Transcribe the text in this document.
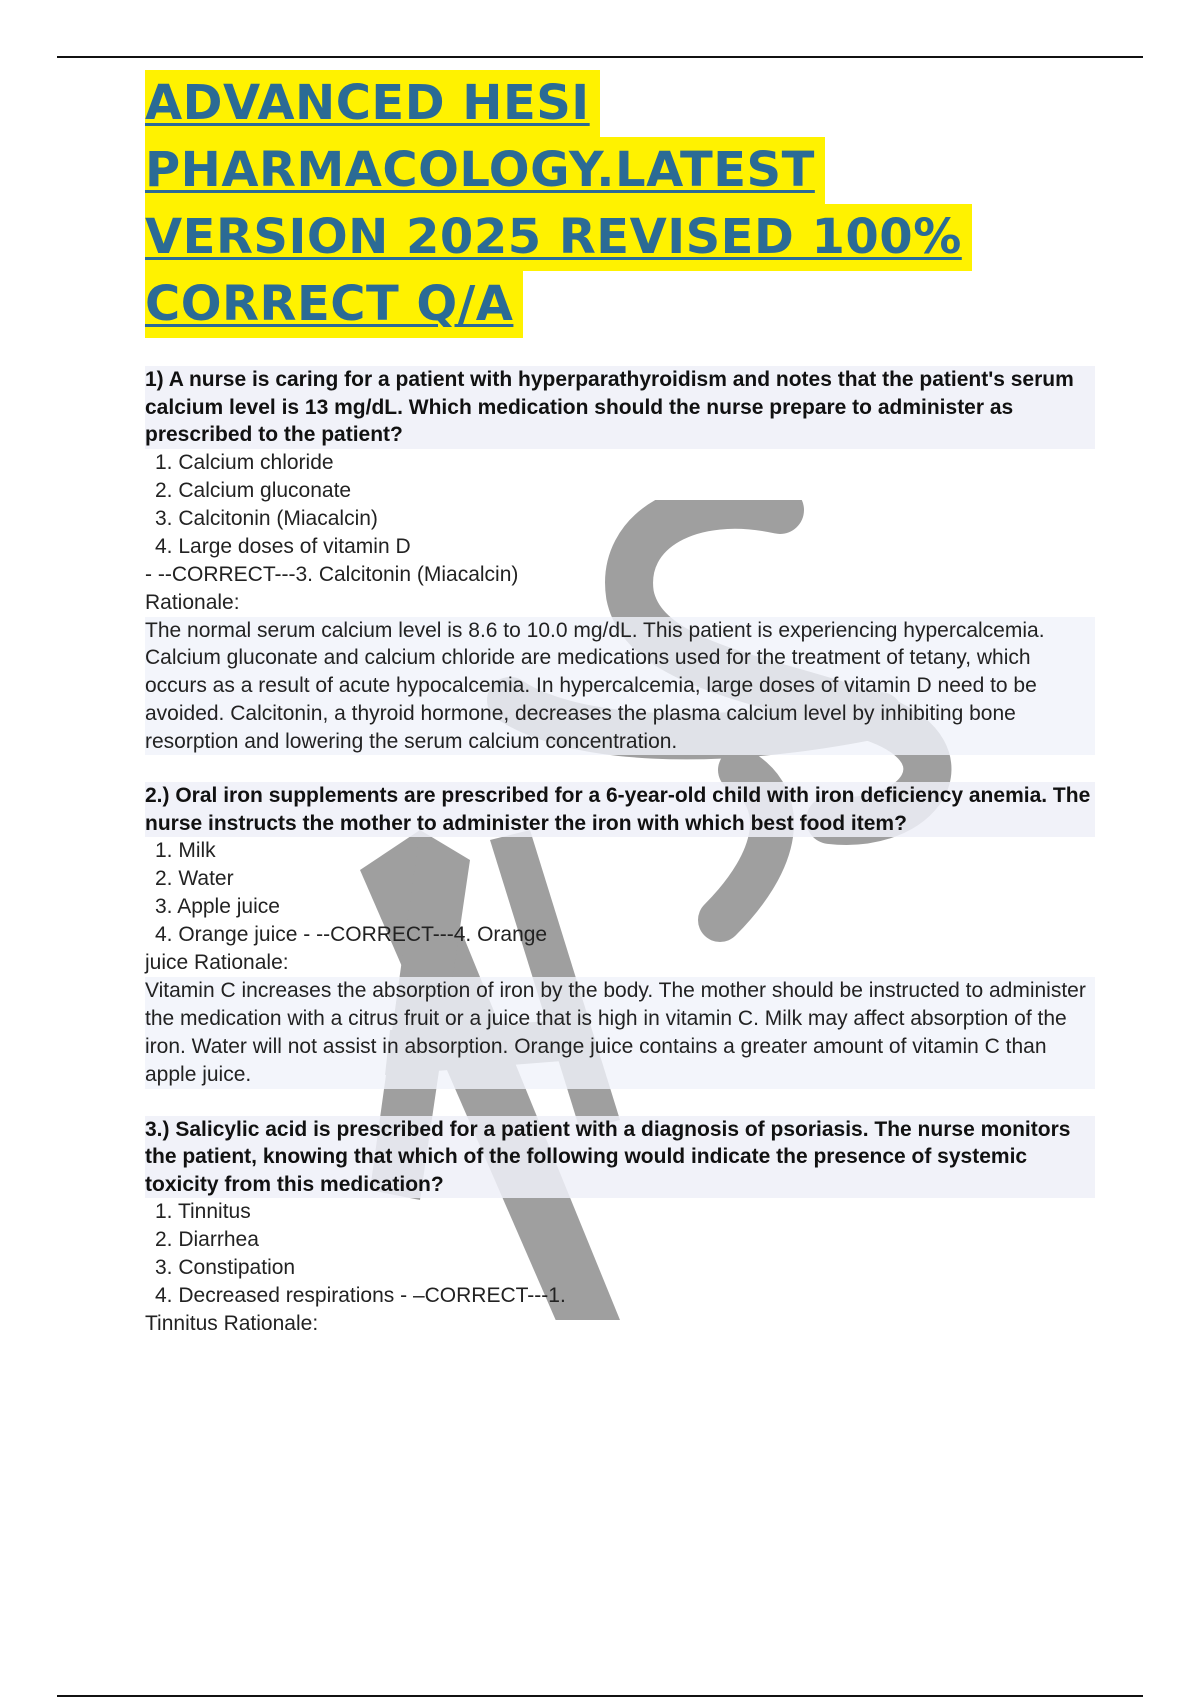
ADVANCED HESI
PHARMACOLOGY.LATEST
VERSION 2025 REVISED 100%
CORRECT Q/A
1) A nurse is caring for a patient with hyperparathyroidism and notes that the patient's serum calcium level is 13 mg/dL. Which medication should the nurse prepare to administer as prescribed to the patient?
1. Calcium chloride
2. Calcium gluconate
3. Calcitonin (Miacalcin)
4. Large doses of vitamin D
- --CORRECT---3. Calcitonin (Miacalcin)
Rationale:
The normal serum calcium level is 8.6 to 10.0 mg/dL. This patient is experiencing hypercalcemia. Calcium gluconate and calcium chloride are medications used for the treatment of tetany, which occurs as a result of acute hypocalcemia. In hypercalcemia, large doses of vitamin D need to be avoided. Calcitonin, a thyroid hormone, decreases the plasma calcium level by inhibiting bone resorption and lowering the serum calcium concentration.
2.) Oral iron supplements are prescribed for a 6-year-old child with iron deficiency anemia. The nurse instructs the mother to administer the iron with which best food item?
1. Milk
2. Water
3. Apple juice
4. Orange juice - --CORRECT---4. Orange
juice Rationale:
Vitamin C increases the absorption of iron by the body. The mother should be instructed to administer the medication with a citrus fruit or a juice that is high in vitamin C. Milk may affect absorption of the iron. Water will not assist in absorption. Orange juice contains a greater amount of vitamin C than apple juice.
3.) Salicylic acid is prescribed for a patient with a diagnosis of psoriasis. The nurse monitors the patient, knowing that which of the following would indicate the presence of systemic toxicity from this medication?
1. Tinnitus
2. Diarrhea
3. Constipation
4. Decreased respirations - –CORRECT---1.
Tinnitus Rationale:
